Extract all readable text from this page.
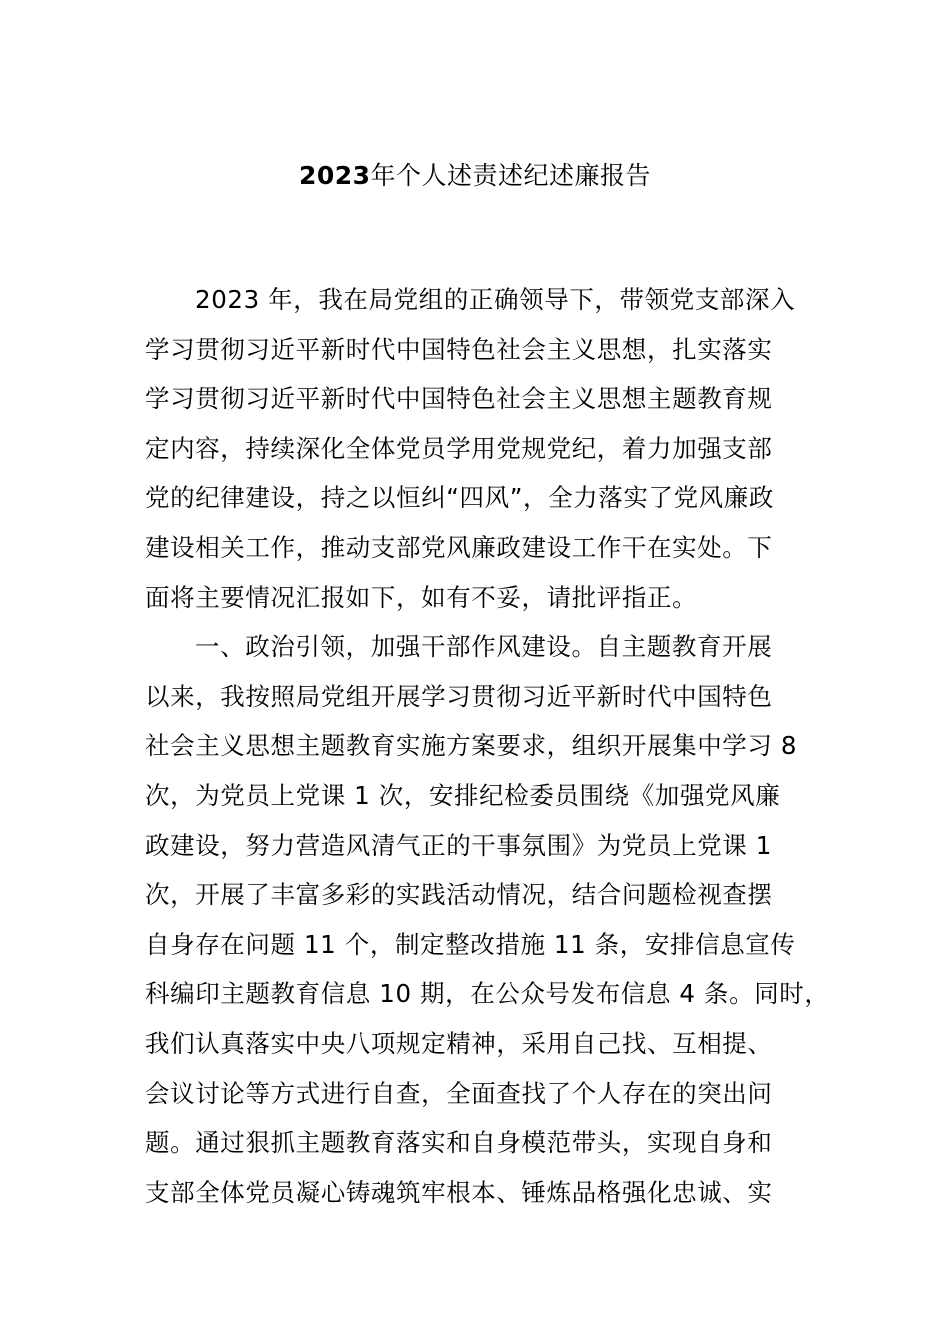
2023年个人述责述纪述廉报告
2023 年，我在局党组的正确领导下，带领党支部深入
学习贯彻习近平新时代中国特色社会主义思想，扎实落实
学习贯彻习近平新时代中国特色社会主义思想主题教育规
定内容，持续深化全体党员学用党规党纪，着力加强支部
党的纪律建设，持之以恒纠“四风”，全力落实了党风廉政
建设相关工作，推动支部党风廉政建设工作干在实处。下
面将主要情况汇报如下，如有不妥，请批评指正。
一、政治引领，加强干部作风建设。自主题教育开展
以来，我按照局党组开展学习贯彻习近平新时代中国特色
社会主义思想主题教育实施方案要求，组织开展集中学习 8
次，为党员上党课 1 次，安排纪检委员围绕《加强党风廉
政建设，努力营造风清气正的干事氛围》为党员上党课 1
次，开展了丰富多彩的实践活动情况，结合问题检视查摆
自身存在问题 11 个，制定整改措施 11 条，安排信息宣传
科编印主题教育信息 10 期，在公众号发布信息 4 条。同时，
我们认真落实中央八项规定精神，采用自己找、互相提、
会议讨论等方式进行自查，全面查找了个人存在的突出问
题。通过狠抓主题教育落实和自身模范带头，实现自身和
支部全体党员凝心铸魂筑牢根本、锤炼品格强化忠诚、实
